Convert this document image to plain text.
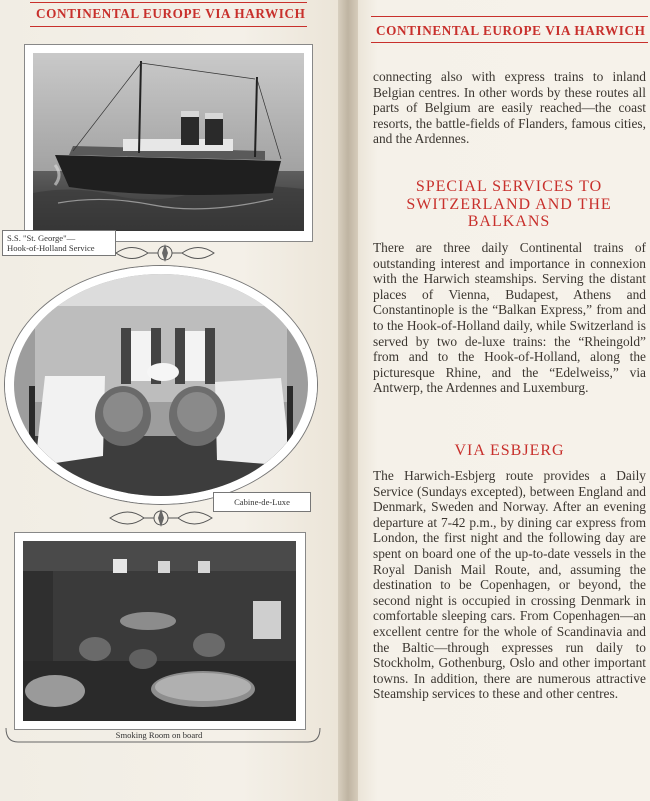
CONTINENTAL EUROPE VIA HARWICH
S.S. "St. George"—
Hook-of-Holland Service
Cabine-de-Luxe
Smoking Room on board
CONTINENTAL EUROPE VIA HARWICH

connecting also with express trains to inland Belgian centres. In other words by these routes all parts of Belgium are easily reached—the coast resorts, the battle-fields of Flanders, famous cities, and the Ardennes.

SPECIAL SERVICES TO SWITZERLAND AND THE BALKANS

There are three daily Continental trains of outstanding interest and importance in connexion with the Harwich steamships. Serving the distant places of Vienna, Budapest, Athens and Constantinople is the “Balkan Express,” from and to the Hook-of-Holland daily, while Switzerland is served by two de-luxe trains: the “Rheingold” from and to the Hook-of-Holland, along the picturesque Rhine, and the “Edelweiss,” via Antwerp, the Ardennes and Luxemburg.

VIA ESBJERG

The Harwich-Esbjerg route provides a Daily Service (Sundays excepted), between England and Denmark, Sweden and Norway. After an evening departure at 7-42 p.m., by dining car express from London, the first night and the following day are spent on board one of the up-to-date vessels in the Royal Danish Mail Route, and, assuming the destination to be Copenhagen, or beyond, the second night is occupied in crossing Denmark in comfortable sleeping cars. From Copenhagen—an excellent centre for the whole of Scandinavia and the Baltic—through expresses run daily to Stockholm, Gothenburg, Oslo and other important towns. In addition, there are numerous attractive Steamship services to these and other centres.
